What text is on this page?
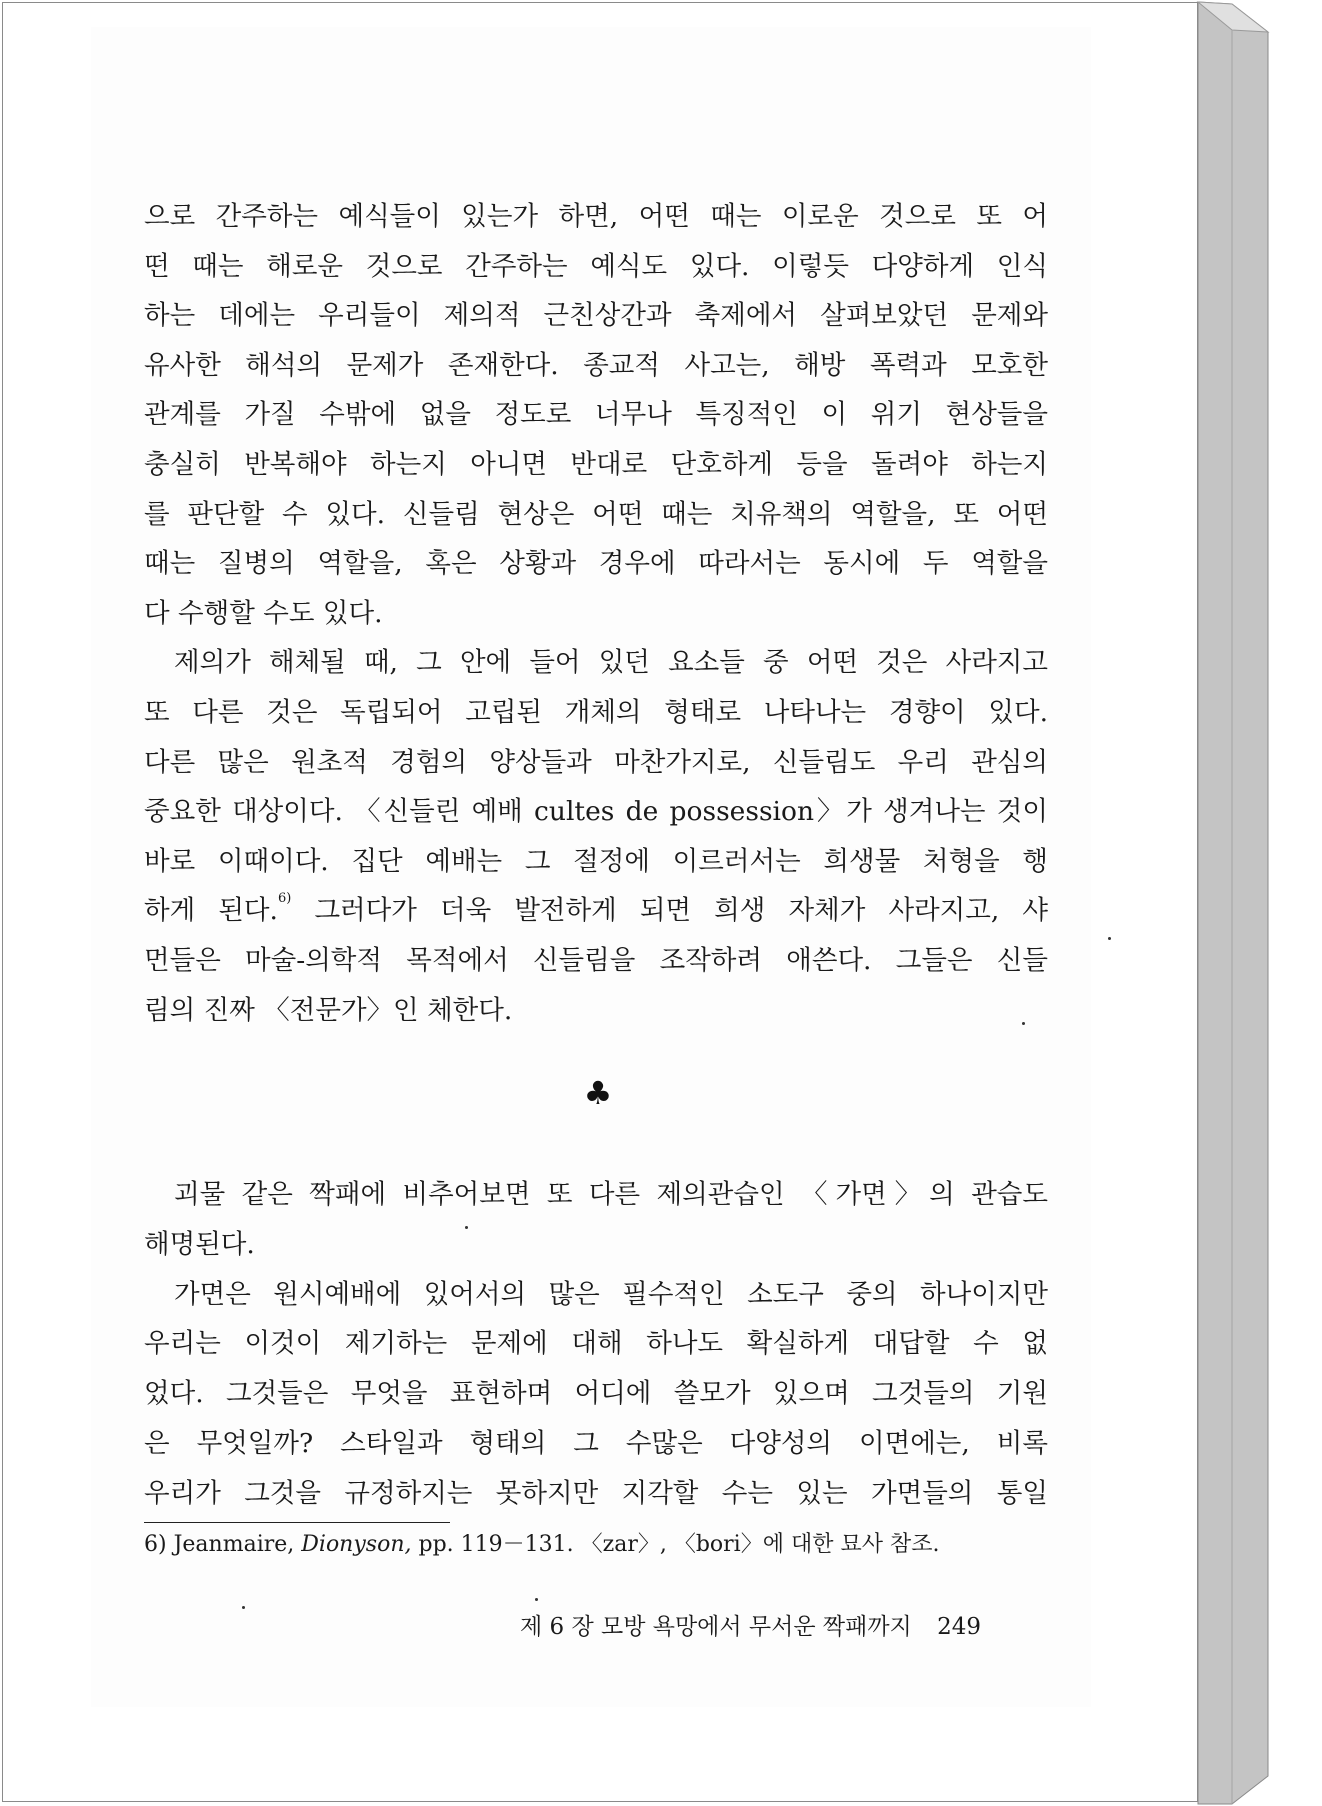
으로 간주하는 예식들이 있는가 하면, 어떤 때는 이로운 것으로 또 어
떤 때는 해로운 것으로 간주하는 예식도 있다. 이렇듯 다양하게 인식
하는 데에는 우리들이 제의적 근친상간과 축제에서 살펴보았던 문제와
유사한 해석의 문제가 존재한다. 종교적 사고는, 해방 폭력과 모호한
관계를 가질 수밖에 없을 정도로 너무나 특징적인 이 위기 현상들을
충실히 반복해야 하는지 아니면 반대로 단호하게 등을 돌려야 하는지
를 판단할 수 있다. 신들림 현상은 어떤 때는 치유책의 역할을, 또 어떤
때는 질병의 역할을, 혹은 상황과 경우에 따라서는 동시에 두 역할을
다 수행할 수도 있다.
제의가 해체될 때, 그 안에 들어 있던 요소들 중 어떤 것은 사라지고
또 다른 것은 독립되어 고립된 개체의 형태로 나타나는 경향이 있다.
다른 많은 원초적 경험의 양상들과 마찬가지로, 신들림도 우리 관심의
중요한 대상이다. 〈신들린 예배 cultes de possession〉가 생겨나는 것이
바로 이때이다. 집단 예배는 그 절정에 이르러서는 희생물 처형을 행
하게 된다.$^{6)}$ 그러다가 더욱 발전하게 되면 희생 자체가 사라지고, 샤
먼들은 마술-의학적 목적에서 신들림을 조작하려 애쓴다. 그들은 신들
림의 진짜 〈전문가〉인 체한다.
♣
괴물 같은 짝패에 비추어보면 또 다른 제의관습인 〈가면〉의 관습도
해명된다.
가면은 원시예배에 있어서의 많은 필수적인 소도구 중의 하나이지만
우리는 이것이 제기하는 문제에 대해 하나도 확실하게 대답할 수 없
었다. 그것들은 무엇을 표현하며 어디에 쓸모가 있으며 그것들의 기원
은 무엇일까? 스타일과 형태의 그 수많은 다양성의 이면에는, 비록
우리가 그것을 규정하지는 못하지만 지각할 수는 있는 가면들의 통일
6) Jeanmaire, Dionyson, pp. 119－131. 〈zar〉, 〈bori〉에 대한 묘사 참조.
제 6 장 모방 욕망에서 무서운 짝패까지 249
